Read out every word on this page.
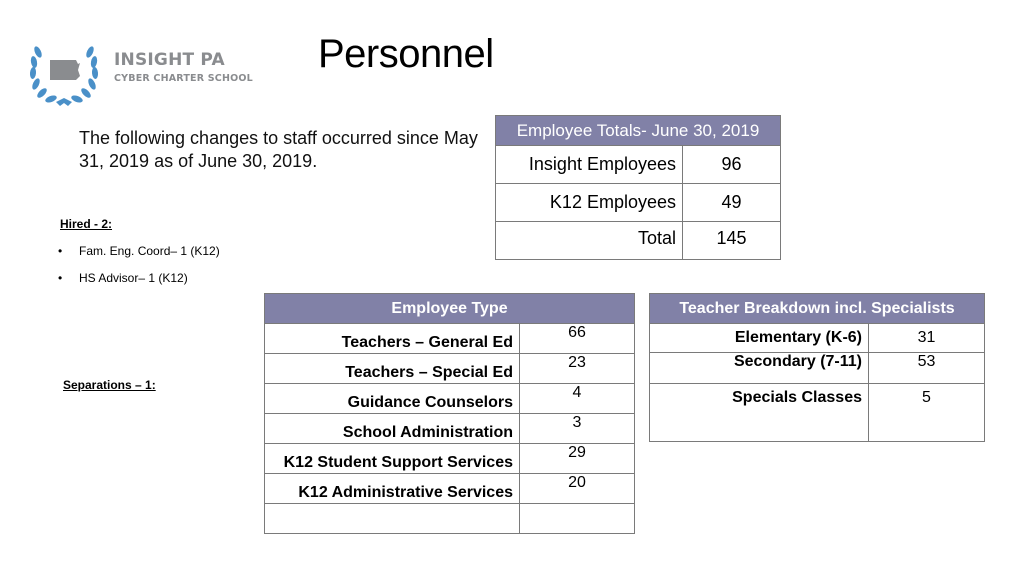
INSIGHT PA
CYBER CHARTER SCHOOL
Personnel
The following changes to staff occurred since May 31, 2019 as of June 30, 2019.
Hired - 2:
•	Fam. Eng. Coord– 1 (K12)
•	HS Advisor– 1 (K12)
Separations – 1:
Employee Totals- June 30, 2019	
Insight Employees	96
K12 Employees	49
Total	145
Employee Type	
Teachers – General Ed	66
Teachers – Special Ed	23
Guidance Counselors	4
School Administration	3
K12 Student Support Services	29
K12 Administrative Services	20

Teacher Breakdown incl. Specialists	
Elementary (K-6)	31
Secondary (7-11)	53
Specials Classes	5
